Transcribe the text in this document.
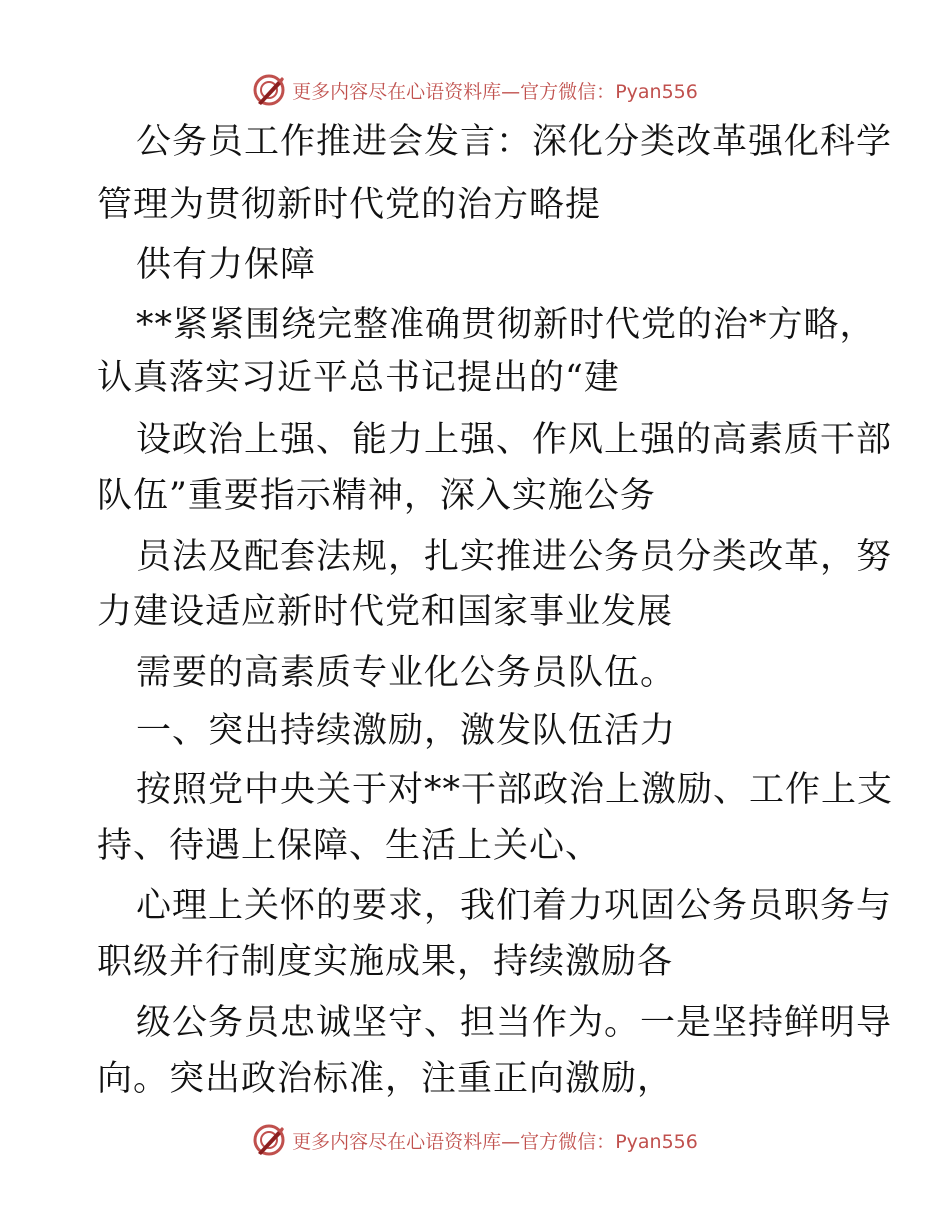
更多内容尽在心语资料库—官方微信：Pyan556
公务员工作推进会发言：深化分类改革强化科学
管理为贯彻新时代党的治方略提
供有力保障
**紧紧围绕完整准确贯彻新时代党的治*方略，
认真落实习近平总书记提出的“建
设政治上强、能力上强、作风上强的高素质干部
队伍”重要指示精神，深入实施公务
员法及配套法规，扎实推进公务员分类改革，努
力建设适应新时代党和国家事业发展
需要的高素质专业化公务员队伍。
一、突出持续激励，激发队伍活力
按照党中央关于对**干部政治上激励、工作上支
持、待遇上保障、生活上关心、
心理上关怀的要求，我们着力巩固公务员职务与
职级并行制度实施成果，持续激励各
级公务员忠诚坚守、担当作为。一是坚持鲜明导
向。突出政治标准，注重正向激励，
更多内容尽在心语资料库—官方微信：Pyan556
